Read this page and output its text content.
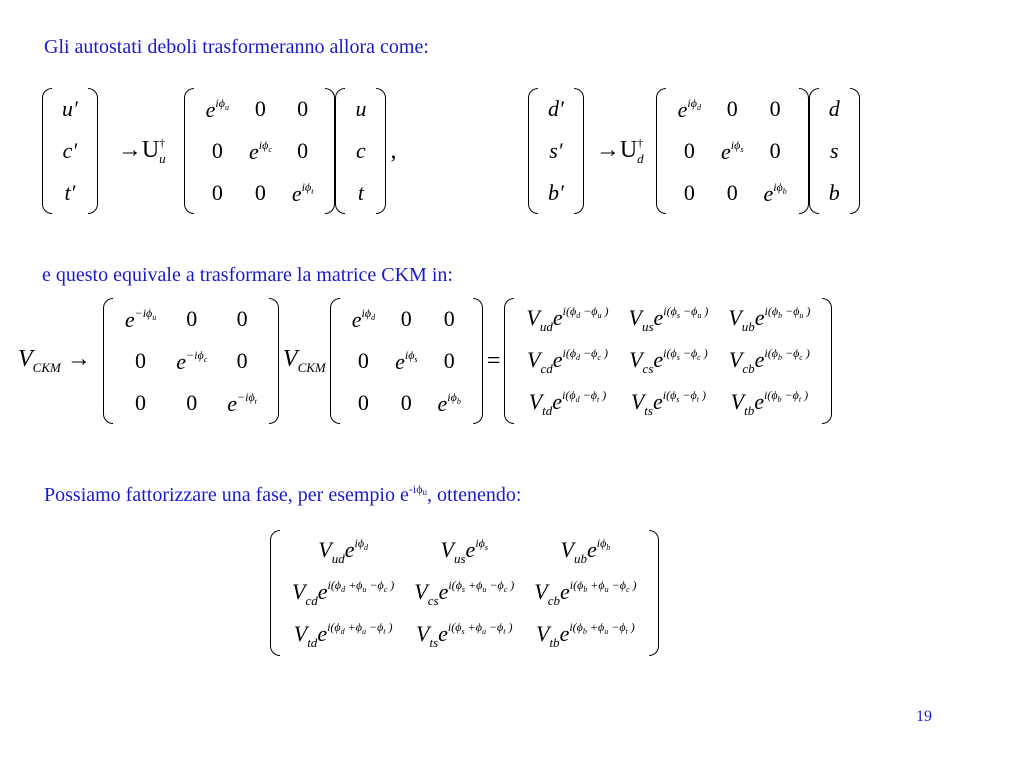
Gli autostati deboli trasformeranno allora come:
u′
c′
t′
$\to U^\dagger_u$
$e^{i\phi_u}$	0	0
0	$e^{i\phi_c}$	0
0	0	$e^{i\phi_t}$
u
c
t
,
d′
s′
b′
$\to U^\dagger_d$
$e^{i\phi_d}$	0	0
0	$e^{i\phi_s}$	0
0	0	$e^{i\phi_b}$
d
s
b
e questo equivale a trasformare la matrice CKM in:
$V_{CKM}$ →
$e^{-i\phi_u}$	0	0
0	$e^{-i\phi_c}$	0
0	0	$e^{-i\phi_t}$
$V_{CKM}$
$e^{i\phi_d}$	0	0
0	$e^{i\phi_s}$	0
0	0	$e^{i\phi_b}$
=
$V_{ud}e^{i(\phi_d -\phi_u )}$	$V_{us}e^{i(\phi_s -\phi_u )}$	$V_{ub}e^{i(\phi_b -\phi_u )}$
$V_{cd}e^{i(\phi_d -\phi_c )}$	$V_{cs}e^{i(\phi_s -\phi_c )}$	$V_{cb}e^{i(\phi_b -\phi_c )}$
$V_{td}e^{i(\phi_d -\phi_t )}$	$V_{ts}e^{i(\phi_s -\phi_t )}$	$V_{tb}e^{i(\phi_b -\phi_t )}$
Possiamo fattorizzare una fase, per esempio $e^{-i\phi u}$, ottenendo:
$V_{ud}e^{i\phi_d}$	$V_{us}e^{i\phi_s}$	$V_{ub}e^{i\phi_b}$
$V_{cd}e^{i(\phi_d +\phi_u -\phi_c )}$	$V_{cs}e^{i(\phi_s +\phi_u -\phi_c )}$	$V_{cb}e^{i(\phi_b +\phi_u -\phi_c )}$
$V_{td}e^{i(\phi_d +\phi_u -\phi_t )}$	$V_{ts}e^{i(\phi_s +\phi_u -\phi_t )}$	$V_{tb}e^{i(\phi_b +\phi_u -\phi_t )}$
19
